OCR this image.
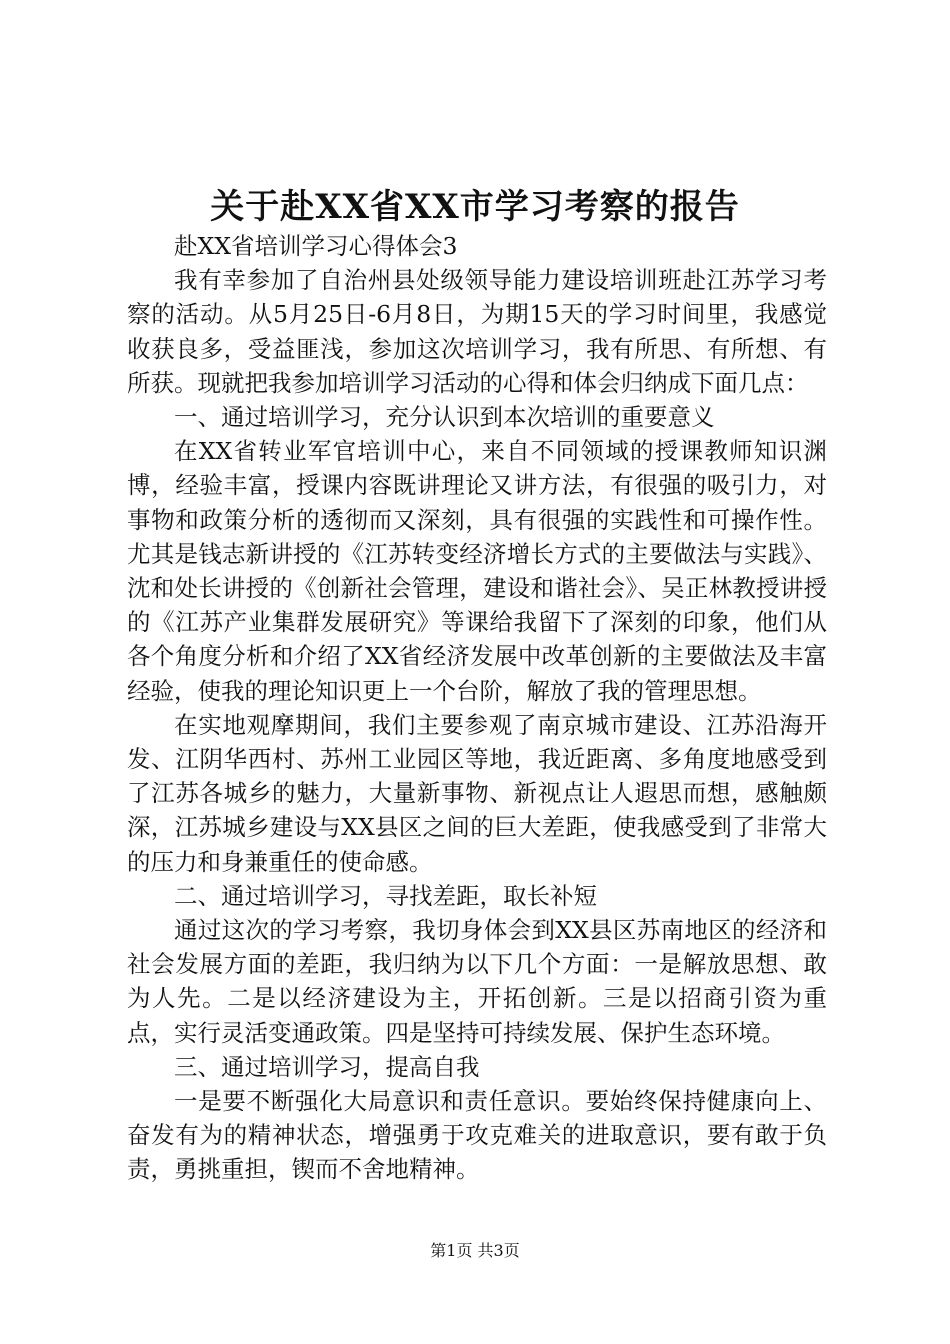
关于赴XX省XX市学习考察的报告

赴XX省培训学习心得体会3

我有幸参加了自治州县处级领导能力建设培训班赴江苏学习考察的活动。从5月25日-6月8日，为期15天的学习时间里，我感觉收获良多，受益匪浅，参加这次培训学习，我有所思、有所想、有所获。现就把我参加培训学习活动的心得和体会归纳成下面几点：

一、通过培训学习，充分认识到本次培训的重要意义

在XX省转业军官培训中心，来自不同领域的授课教师知识渊博，经验丰富，授课内容既讲理论又讲方法，有很强的吸引力，对事物和政策分析的透彻而又深刻，具有很强的实践性和可操作性。尤其是钱志新讲授的《江苏转变经济增长方式的主要做法与实践》、沈和处长讲授的《创新社会管理，建设和谐社会》、吴正林教授讲授的《江苏产业集群发展研究》等课给我留下了深刻的印象，他们从各个角度分析和介绍了XX省经济发展中改革创新的主要做法及丰富经验，使我的理论知识更上一个台阶，解放了我的管理思想。

在实地观摩期间，我们主要参观了南京城市建设、江苏沿海开发、江阴华西村、苏州工业园区等地，我近距离、多角度地感受到了江苏各城乡的魅力，大量新事物、新视点让人遐思而想，感触颇深，江苏城乡建设与XX县区之间的巨大差距，使我感受到了非常大的压力和身兼重任的使命感。

二、通过培训学习，寻找差距，取长补短

通过这次的学习考察，我切身体会到XX县区苏南地区的经济和社会发展方面的差距，我归纳为以下几个方面：一是解放思想、敢为人先。二是以经济建设为主，开拓创新。三是以招商引资为重点，实行灵活变通政策。四是坚持可持续发展、保护生态环境。

三、通过培训学习，提高自我

一是要不断强化大局意识和责任意识。要始终保持健康向上、奋发有为的精神状态，增强勇于攻克难关的进取意识，要有敢于负责，勇挑重担，锲而不舍地精神。

第1页 共3页
